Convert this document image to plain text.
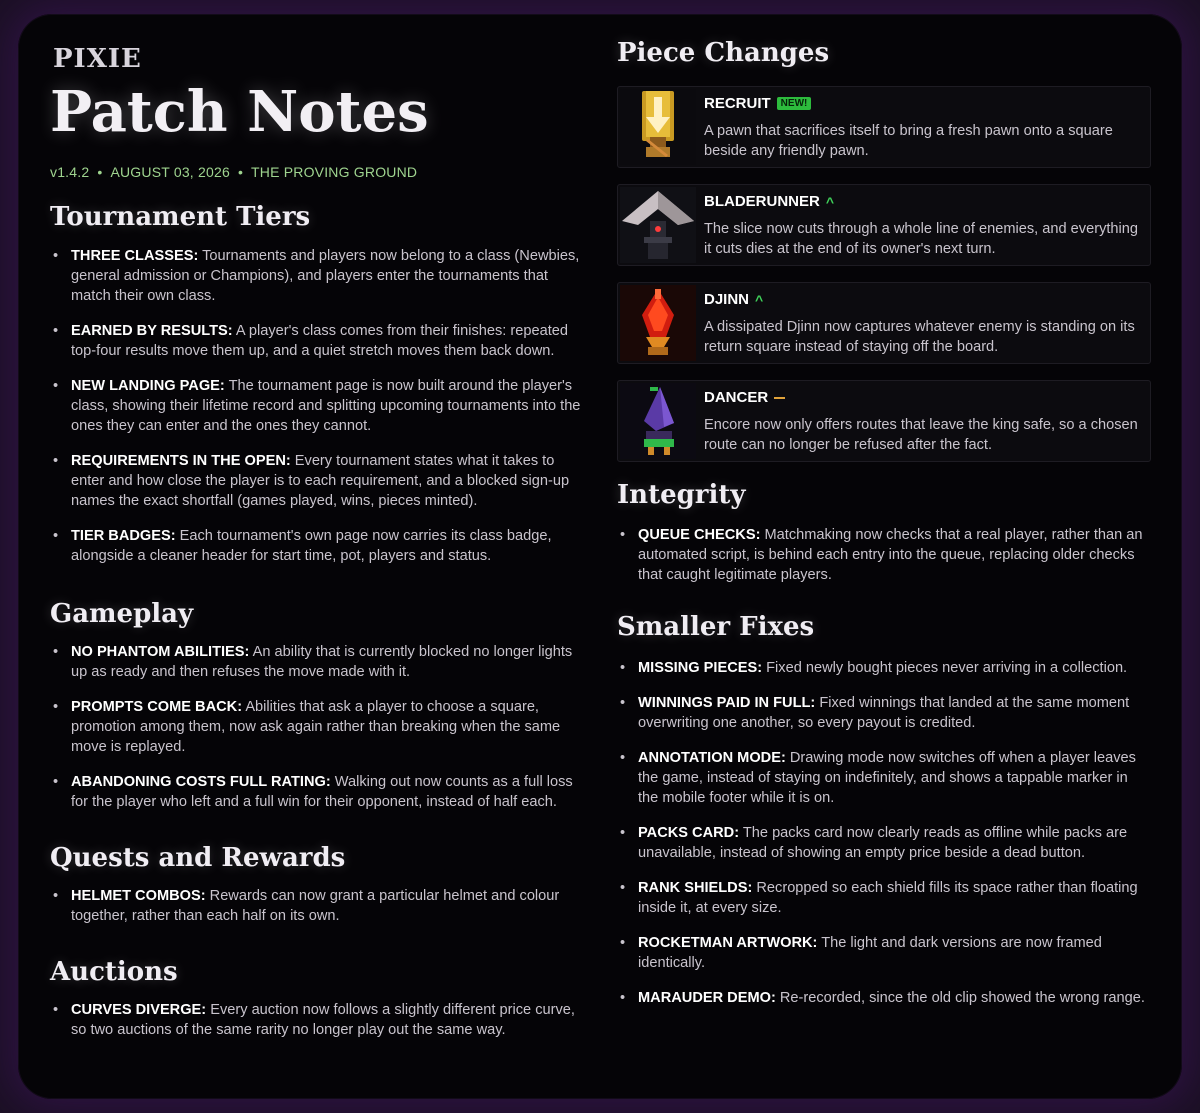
PIXIE
Patch Notes
v1.4.2 • AUGUST 03, 2026 • THE PROVING GROUND
Tournament Tiers
• THREE CLASSES: Tournaments and players now belong to a class (Newbies, general admission or Champions), and players enter the tournaments that match their own class.
• EARNED BY RESULTS: A player's class comes from their finishes: repeated top-four results move them up, and a quiet stretch moves them back down.
• NEW LANDING PAGE: The tournament page is now built around the player's class, showing their lifetime record and splitting upcoming tournaments into the ones they can enter and the ones they cannot.
• REQUIREMENTS IN THE OPEN: Every tournament states what it takes to enter and how close the player is to each requirement, and a blocked sign-up names the exact shortfall (games played, wins, pieces minted).
• TIER BADGES: Each tournament's own page now carries its class badge, alongside a cleaner header for start time, pot, players and status.
Gameplay
• NO PHANTOM ABILITIES: An ability that is currently blocked no longer lights up as ready and then refuses the move made with it.
• PROMPTS COME BACK: Abilities that ask a player to choose a square, promotion among them, now ask again rather than breaking when the same move is replayed.
• ABANDONING COSTS FULL RATING: Walking out now counts as a full loss for the player who left and a full win for their opponent, instead of half each.
Quests and Rewards
• HELMET COMBOS: Rewards can now grant a particular helmet and colour together, rather than each half on its own.
Auctions
• CURVES DIVERGE: Every auction now follows a slightly different price curve, so two auctions of the same rarity no longer play out the same way.
Piece Changes
RECRUIT	NEW!
A pawn that sacrifices itself to bring a fresh pawn onto a square beside any friendly pawn.
BLADERUNNER ^
The slice now cuts through a whole line of enemies, and everything it cuts dies at the end of its owner's next turn.
DJINN ^
A dissipated Djinn now captures whatever enemy is standing on its return square instead of staying off the board.
DANCER
Encore now only offers routes that leave the king safe, so a chosen route can no longer be refused after the fact.
Integrity
• QUEUE CHECKS: Matchmaking now checks that a real player, rather than an automated script, is behind each entry into the queue, replacing older checks that caught legitimate players.
Smaller Fixes
• MISSING PIECES: Fixed newly bought pieces never arriving in a collection.
• WINNINGS PAID IN FULL: Fixed winnings that landed at the same moment overwriting one another, so every payout is credited.
• ANNOTATION MODE: Drawing mode now switches off when a player leaves the game, instead of staying on indefinitely, and shows a tappable marker in the mobile footer while it is on.
• PACKS CARD: The packs card now clearly reads as offline while packs are unavailable, instead of showing an empty price beside a dead button.
• RANK SHIELDS: Recropped so each shield fills its space rather than floating inside it, at every size.
• ROCKETMAN ARTWORK: The light and dark versions are now framed identically.
• MARAUDER DEMO: Re-recorded, since the old clip showed the wrong range.
